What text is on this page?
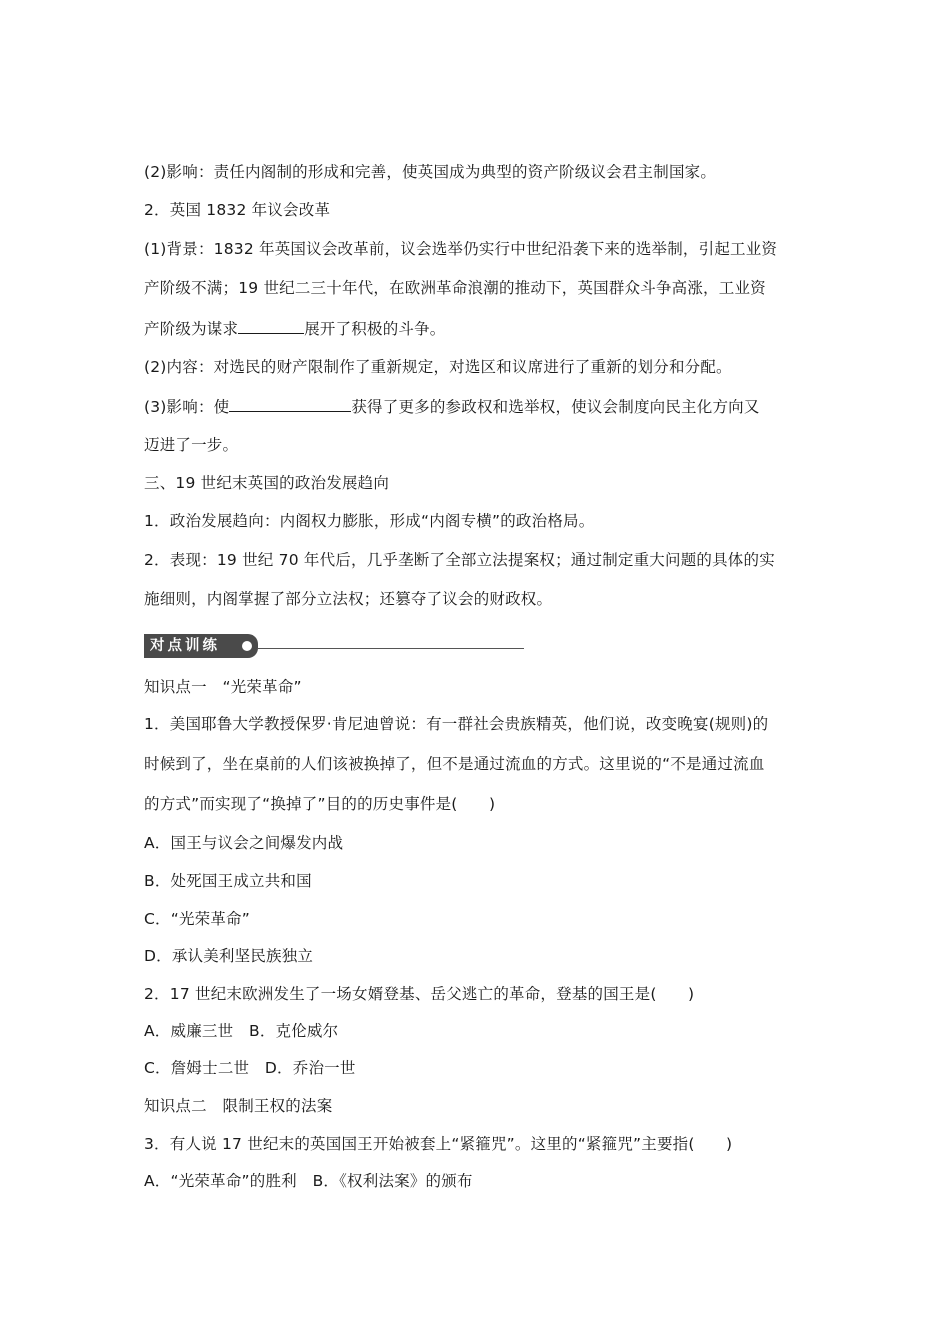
(2)影响：责任内阁制的形成和完善，使英国成为典型的资产阶级议会君主制国家。
2．英国 1832 年议会改革
(1)背景：1832 年英国议会改革前，议会选举仍实行中世纪沿袭下来的选举制，引起工业资
产阶级不满；19 世纪二三十年代，在欧洲革命浪潮的推动下，英国群众斗争高涨，工业资
产阶级为谋求	展开了积极的斗争。
(2)内容：对选民的财产限制作了重新规定，对选区和议席进行了重新的划分和分配。
(3)影响：使	获得了更多的参政权和选举权，使议会制度向民主化方向又
迈进了一步。
三、19 世纪末英国的政治发展趋向
1．政治发展趋向：内阁权力膨胀，形成“内阁专横”的政治格局。
2．表现：19 世纪 70 年代后，几乎垄断了全部立法提案权；通过制定重大问题的具体的实
施细则，内阁掌握了部分立法权；还篡夺了议会的财政权。
对点训练
知识点一　“光荣革命”
1．美国耶鲁大学教授保罗·肯尼迪曾说：有一群社会贵族精英，他们说，改变晚宴(规则)的
时候到了，坐在桌前的人们该被换掉了，但不是通过流血的方式。这里说的“不是通过流血
的方式”而实现了“换掉了”目的的历史事件是(　　)
A．国王与议会之间爆发内战
B．处死国王成立共和国
C．“光荣革命”
D．承认美利坚民族独立
2．17 世纪末欧洲发生了一场女婿登基、岳父逃亡的革命，登基的国王是(　　)
A．威廉三世　B．克伦威尔
C．詹姆士二世　D．乔治一世
知识点二　限制王权的法案
3．有人说 17 世纪末的英国国王开始被套上“紧箍咒”。这里的“紧箍咒”主要指(　　)
A．“光荣革命”的胜利　B．《权利法案》的颁布
